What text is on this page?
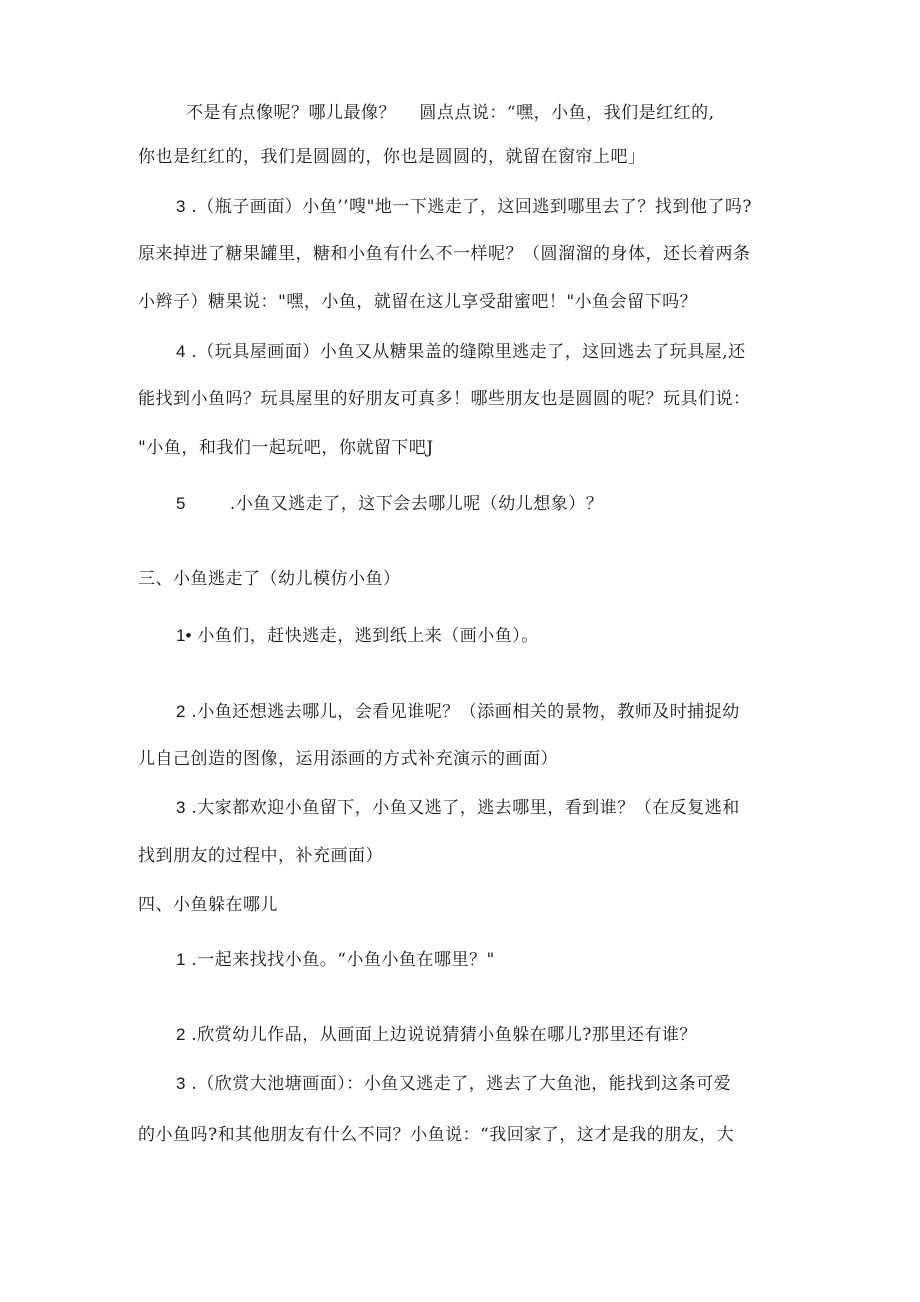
不是有点像呢？哪儿最像？　 圆点点说：“嘿，小鱼，我们是红红的,
你也是红红的，我们是圆圆的，你也是圆圆的，就留在窗帘上吧」
3 .（瓶子画面）小鱼’’嗖"地一下逃走了，这回逃到哪里去了？找到他了吗?
原来掉进了糖果罐里，糖和小鱼有什么不一样呢？（圆溜溜的身体，还长着两条
小辫子）糖果说："嘿，小鱼，就留在这儿享受甜蜜吧！"小鱼会留下吗？
4 .（玩具屋画面）小鱼又从糖果盖的缝隙里逃走了，这回逃去了玩具屋,还
能找到小鱼吗？玩具屋里的好朋友可真多！哪些朋友也是圆圆的呢？玩具们说：
"小鱼，和我们一起玩吧，你就留下吧J
5	.小鱼又逃走了，这下会去哪儿呢（幼儿想象）？
三、小鱼逃走了（幼儿模仿小鱼）
1• 小鱼们，赶快逃走，逃到纸上来（画小鱼）。
2 .小鱼还想逃去哪儿，会看见谁呢？（添画相关的景物，教师及时捕捉幼
儿自己创造的图像，运用添画的方式补充演示的画面）
3 .大家都欢迎小鱼留下，小鱼又逃了，逃去哪里，看到谁？（在反复逃和
找到朋友的过程中，补充画面）
四、小鱼躲在哪儿
1 .一起来找找小鱼。“小鱼小鱼在哪里？"
2 .欣赏幼儿作品，从画面上边说说猜猜小鱼躲在哪儿?那里还有谁？
3 .（欣赏大池塘画面）：小鱼又逃走了，逃去了大鱼池，能找到这条可爱
的小鱼吗?和其他朋友有什么不同？小鱼说：“我回家了，这才是我的朋友，大
